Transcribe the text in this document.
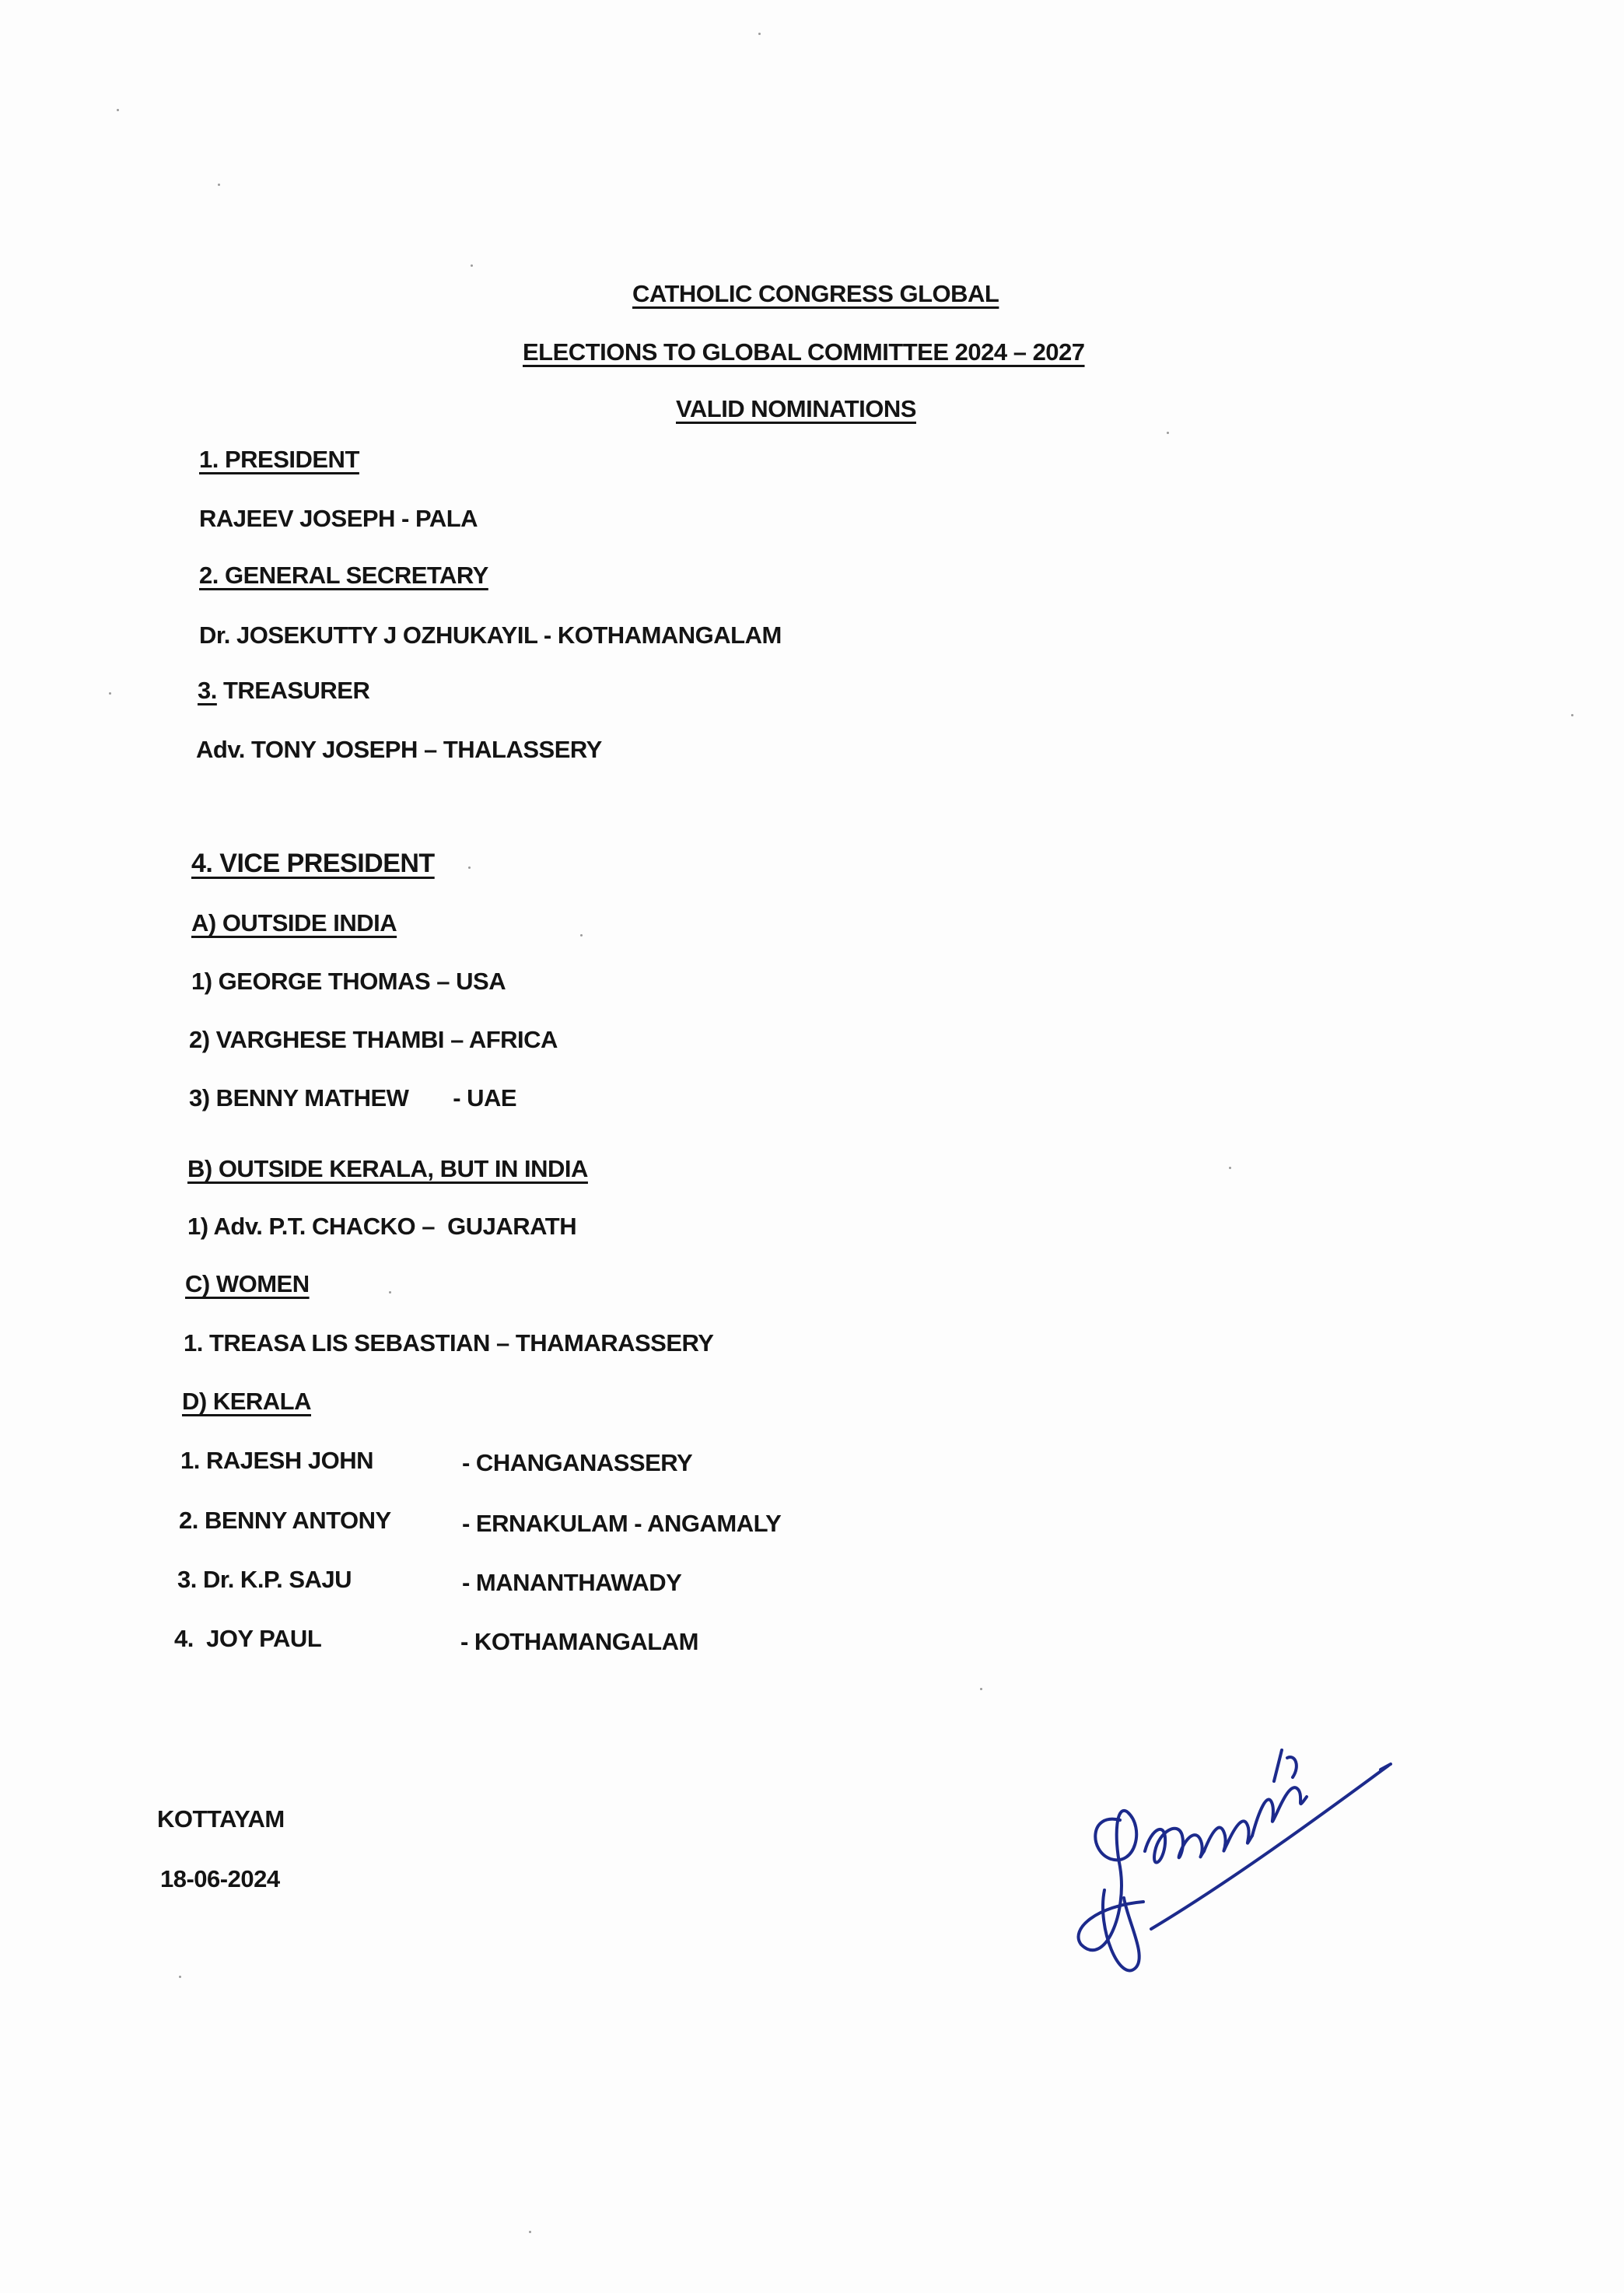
CATHOLIC CONGRESS GLOBAL
ELECTIONS TO GLOBAL COMMITTEE 2024 – 2027
VALID NOMINATIONS
1. PRESIDENT
RAJEEV JOSEPH - PALA
2. GENERAL SECRETARY
Dr. JOSEKUTTY J OZHUKAYIL - KOTHAMANGALAM
3. TREASURER
Adv. TONY JOSEPH – THALASSERY
4. VICE PRESIDENT
A) OUTSIDE INDIA
1) GEORGE THOMAS – USA
2) VARGHESE THAMBI – AFRICA
3) BENNY MATHEW       - UAE
B) OUTSIDE KERALA, BUT IN INDIA
1) Adv. P.T. CHACKO –  GUJARATH
C) WOMEN
1. TREASA LIS SEBASTIAN – THAMARASSERY
D) KERALA
1. RAJESH JOHN	- CHANGANASSERY
2. BENNY ANTONY	- ERNAKULAM - ANGAMALY
3. Dr. K.P. SAJU	- MANANTHAWADY
4.  JOY PAUL	- KOTHAMANGALAM
KOTTAYAM
18-06-2024
